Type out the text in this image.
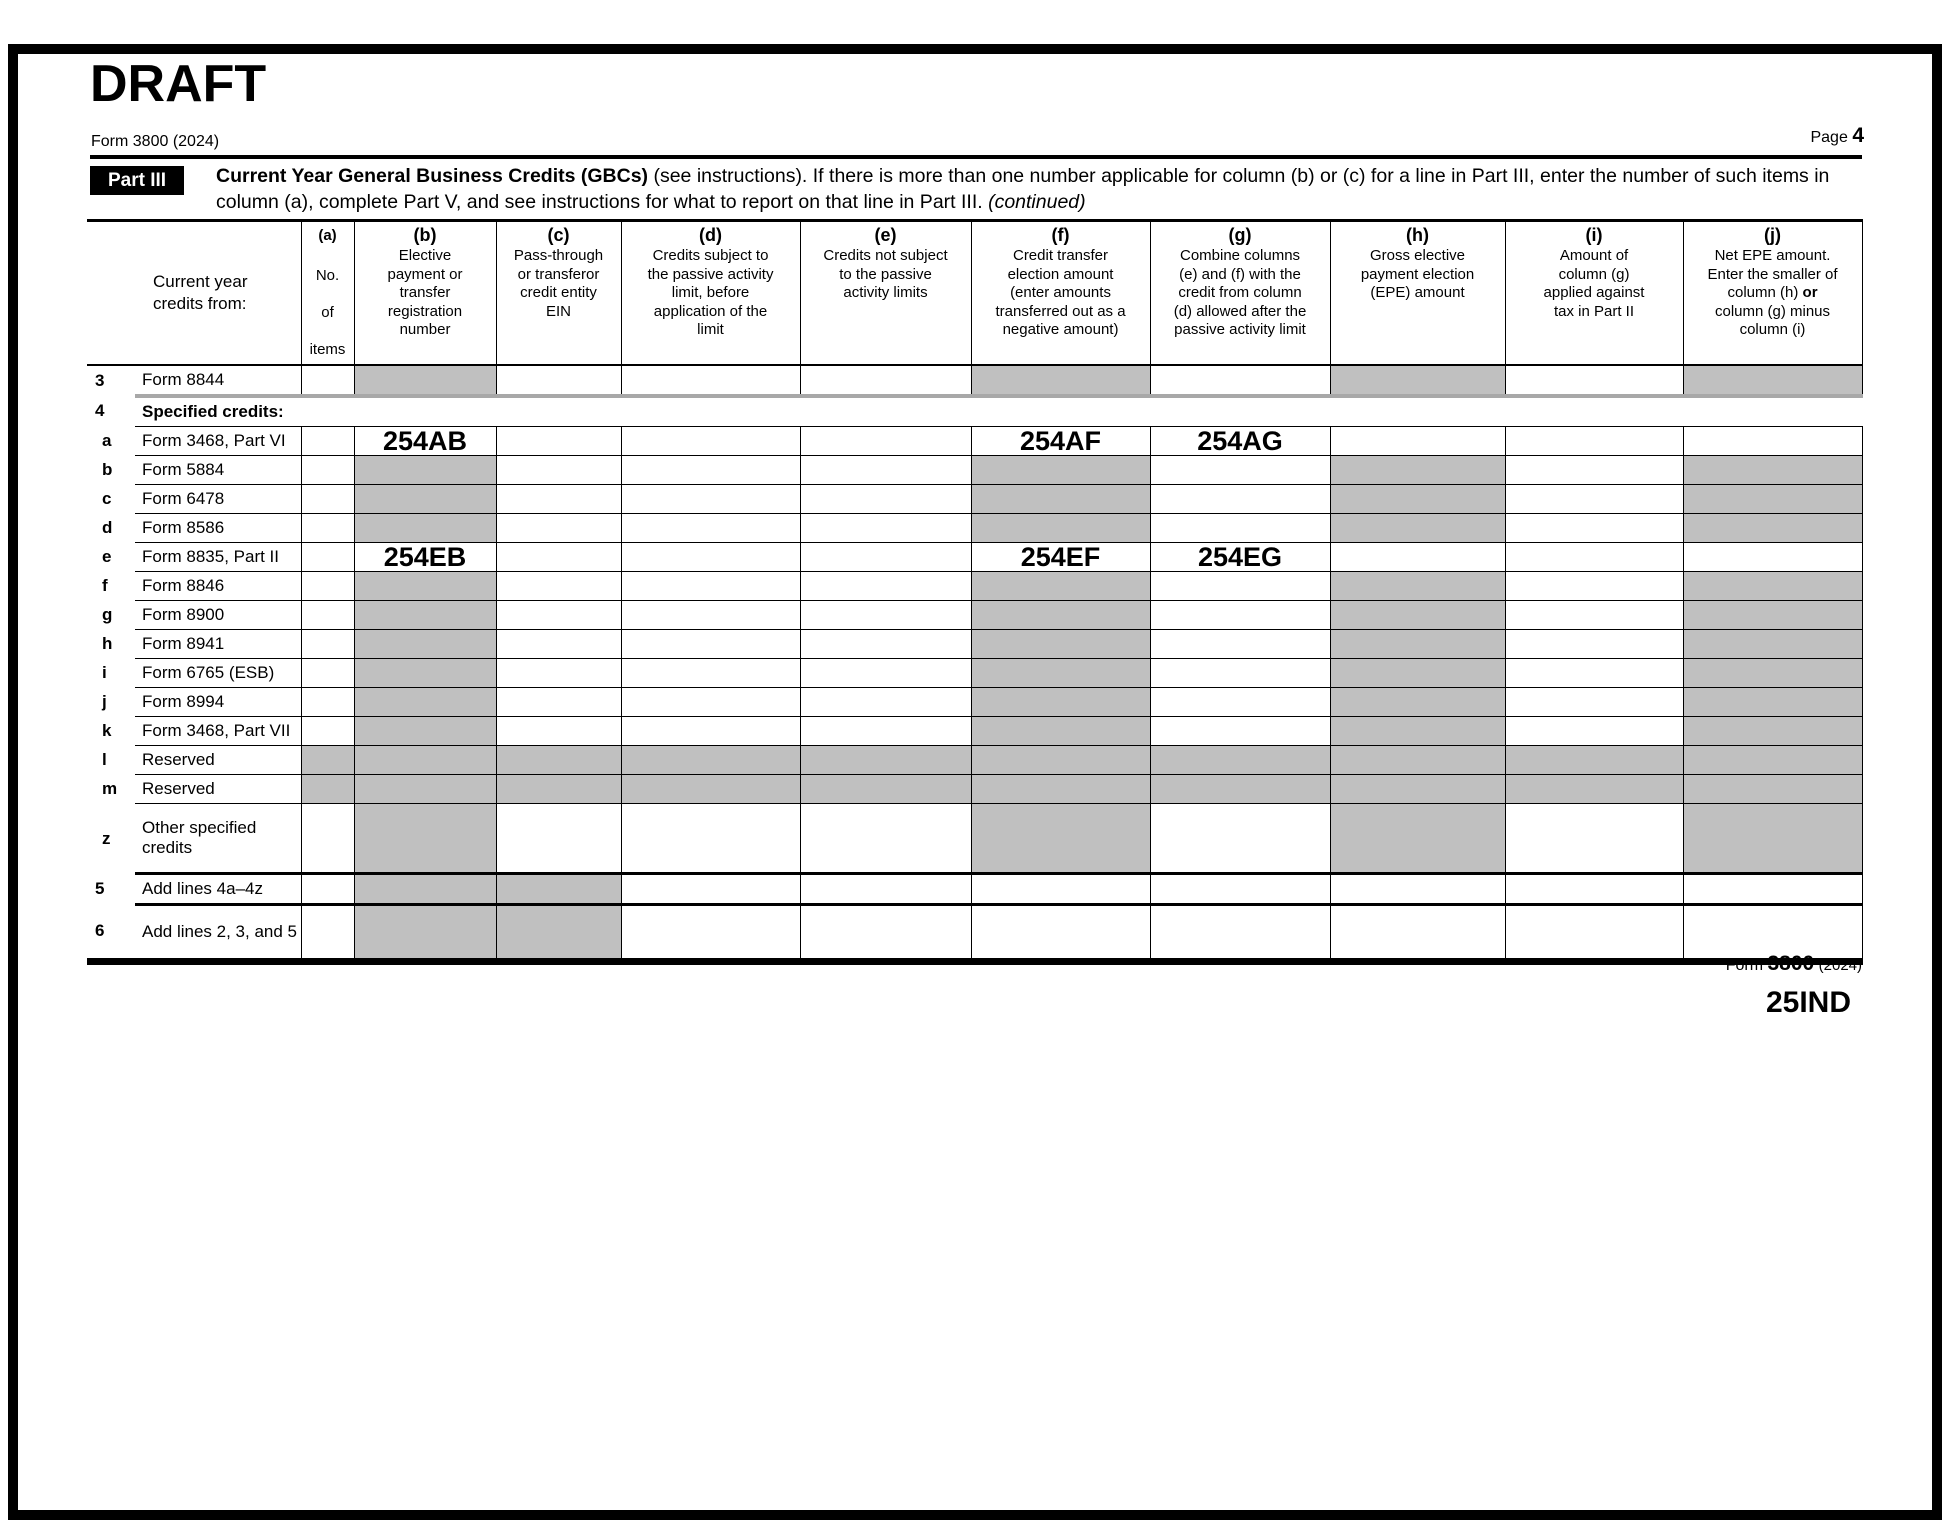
DRAFT
Form 3800 (2024)	Page 4
Part III	Current Year General Business Credits (GBCs) (see instructions). If there is more than one number applicable for column (b) or (c) for a line in Part III, enter the number of such items in column (a), complete Part V, and see instructions for what to report on that line in Part III. (continued)
Current year credits from:	
(a)
No.
of
items

(b)
Elective
payment or
transfer
registration
number

(c)
Pass-through
or transferor
credit entity
EIN

(d)
Credits subject to
the passive activity
limit, before
application of the
limit

(e)
Credits not subject
to the passive
activity limits

(f)
Credit transfer
election amount
(enter amounts
transferred out as a
negative amount)

(g)
Combine columns
(e) and (f) with the
credit from column
(d) allowed after the
passive activity limit

(h)
Gross elective
payment election
(EPE) amount

(i)
Amount of
column (g)
applied against
tax in Part II

(j)
Net EPE amount.
Enter the smaller of
column (h) or
column (g) minus
column (i)

3	Form 8844										
4	Specified credits:										
a	Form 3468, Part VI		254AB				254AF	254AG			

b	Form 5884										
c	Form 6478										
d	Form 8586										
e	Form 8835, Part II		254EB				254EF	254EG			

f	Form 8846										
g	Form 8900										
h	Form 8941										
i	Form 6765 (ESB)										
j	Form 8994										
k	Form 3468, Part VII										
l	Reserved										
m	Reserved										
z	Other specified credits										
5	Add lines 4a–4z										
6	Add lines 2, 3, and 5										
Form 3800 (2024)
25IND
